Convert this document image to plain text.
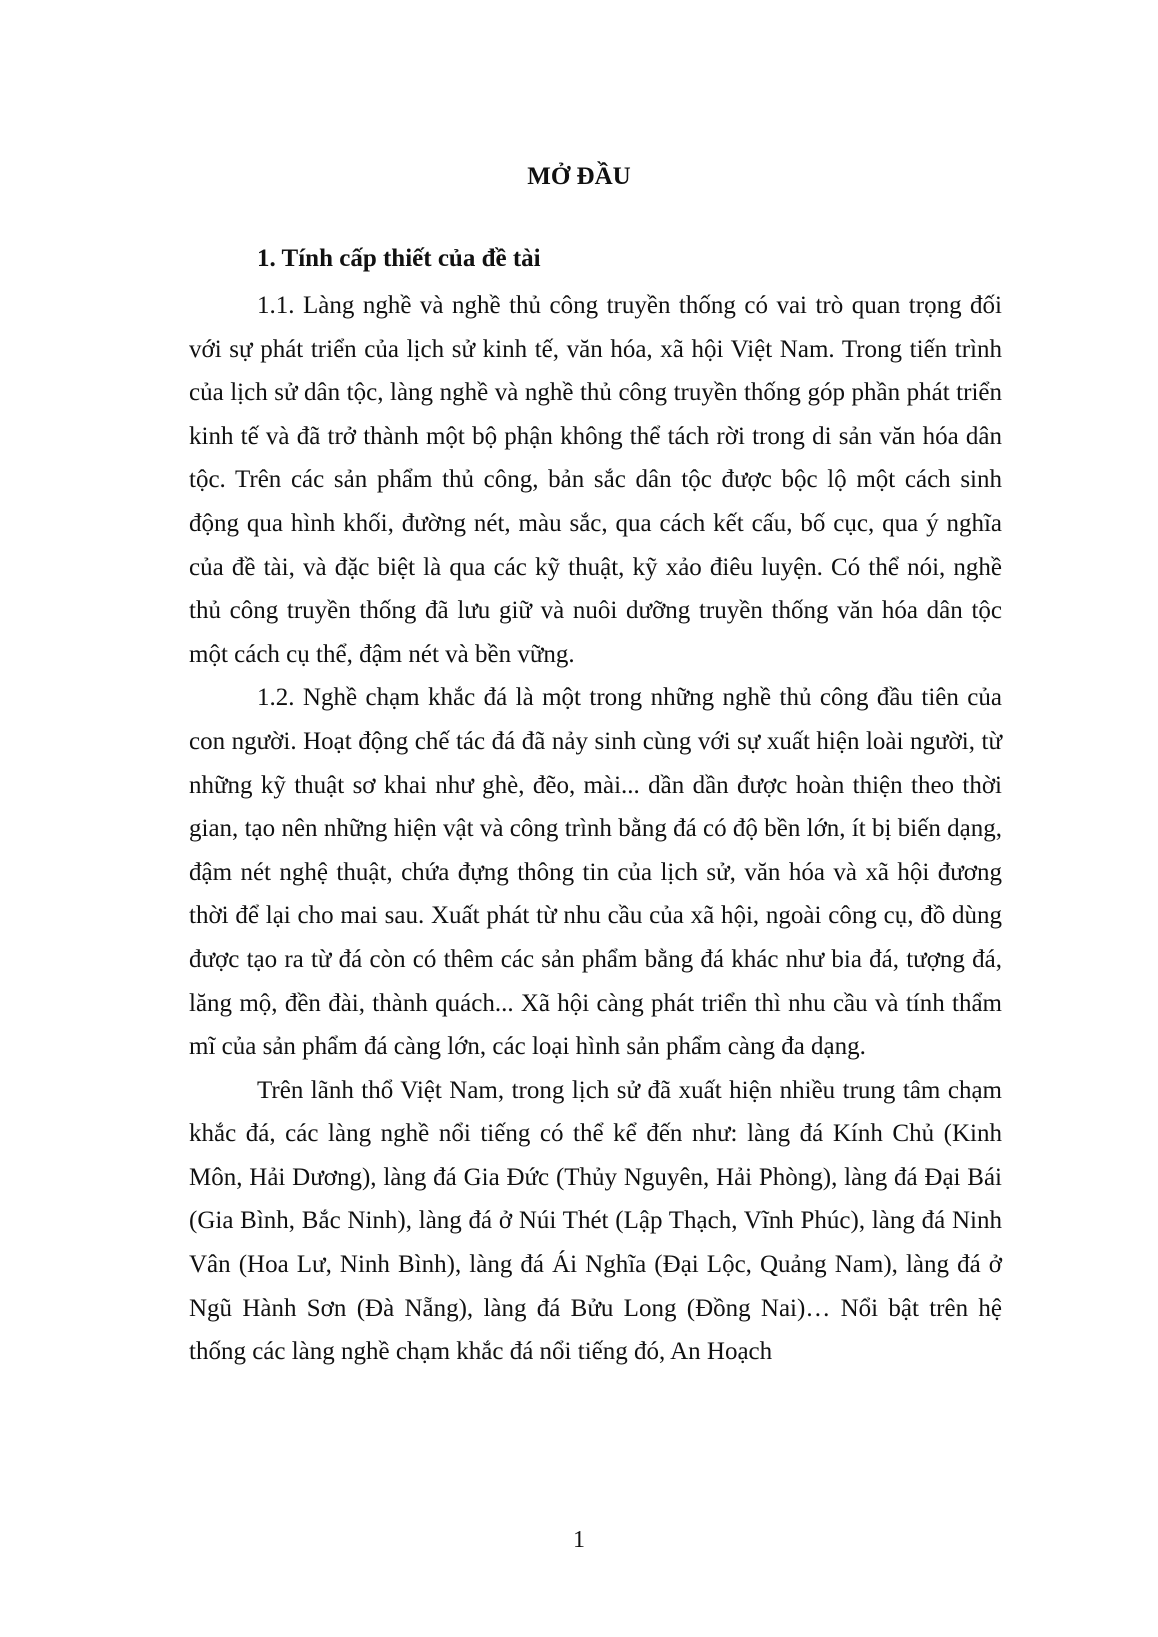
MỞ ĐẦU
1. Tính cấp thiết của đề tài

1.1. Làng nghề và nghề thủ công truyền thống có vai trò quan trọng đối với sự phát triển của lịch sử kinh tế, văn hóa, xã hội Việt Nam. Trong tiến trình của lịch sử dân tộc, làng nghề và nghề thủ công truyền thống góp phần phát triển kinh tế và đã trở thành một bộ phận không thể tách rời trong di sản văn hóa dân tộc. Trên các sản phẩm thủ công, bản sắc dân tộc được bộc lộ một cách sinh động qua hình khối, đường nét, màu sắc, qua cách kết cấu, bố cục, qua ý nghĩa của đề tài, và đặc biệt là qua các kỹ thuật, kỹ xảo điêu luyện. Có thể nói, nghề thủ công truyền thống đã lưu giữ và nuôi dưỡng truyền thống văn hóa dân tộc một cách cụ thể, đậm nét và bền vững.

1.2. Nghề chạm khắc đá là một trong những nghề thủ công đầu tiên của con người. Hoạt động chế tác đá đã nảy sinh cùng với sự xuất hiện loài người, từ những kỹ thuật sơ khai như ghè, đẽo, mài... dần dần được hoàn thiện theo thời gian, tạo nên những hiện vật và công trình bằng đá có độ bền lớn, ít bị biến dạng, đậm nét nghệ thuật, chứa đựng thông tin của lịch sử, văn hóa và xã hội đương thời để lại cho mai sau. Xuất phát từ nhu cầu của xã hội, ngoài công cụ, đồ dùng được tạo ra từ đá còn có thêm các sản phẩm bằng đá khác như bia đá, tượng đá, lăng mộ, đền đài, thành quách... Xã hội càng phát triển thì nhu cầu và tính thẩm mĩ của sản phẩm đá càng lớn, các loại hình sản phẩm càng đa dạng.

Trên lãnh thổ Việt Nam, trong lịch sử đã xuất hiện nhiều trung tâm chạm khắc đá, các làng nghề nổi tiếng có thể kể đến như: làng đá Kính Chủ (Kinh Môn, Hải Dương), làng đá Gia Đức (Thủy Nguyên, Hải Phòng), làng đá Đại Bái (Gia Bình, Bắc Ninh), làng đá ở Núi Thét (Lập Thạch, Vĩnh Phúc), làng đá Ninh Vân (Hoa Lư, Ninh Bình), làng đá Ái Nghĩa (Đại Lộc, Quảng Nam), làng đá ở Ngũ Hành Sơn (Đà Nẵng), làng đá Bửu Long (Đồng Nai)… Nổi bật trên hệ thống các làng nghề chạm khắc đá nổi tiếng đó, An Hoạch

1
